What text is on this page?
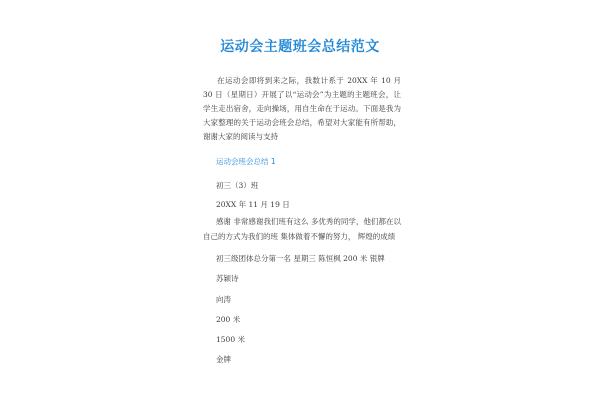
运动会主题班会总结范文

在运动会即将到来之际，我数计系于 20XX 年 10 月 30 日（星期日）开展了以“运动会”为主题的主题班会，让学生走出宿舍，走向操场，用自生命在于运动。下面是我为大家整理的关于运动会班会总结，希望对大家能有所帮助，谢谢大家的阅读与支持

运动会班会总结 1
初三（3）班
20XX 年 11 月 19 日

感谢 非常感谢我们班有这么 多优秀的同学，他们都在以自己的方式为我们的班 集体做着不懈的努力， 辉煌的成绩

初三级团体总分第一名 星期三 陈恒枫 200 米 银牌
苏颖诗
向涛
200 米
1500 米
金牌
